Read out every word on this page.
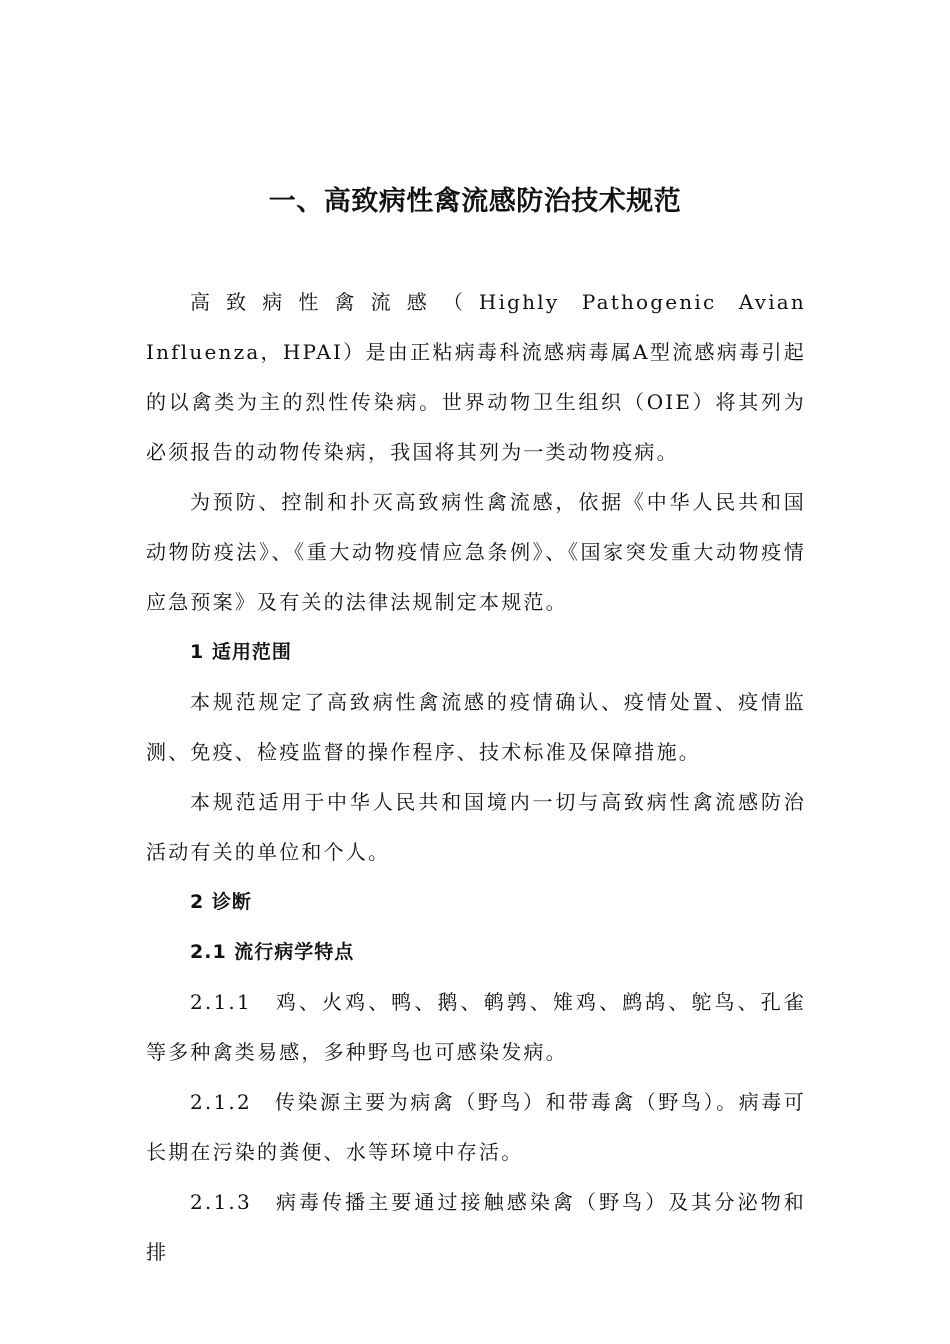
一、高致病性禽流感防治技术规范

高致病性禽流感（Highly Pathogenic Avian Influenza，HPAI）是由正粘病毒科流感病毒属A型流感病毒引起的以禽类为主的烈性传染病。世界动物卫生组织（OIE）将其列为必须报告的动物传染病，我国将其列为一类动物疫病。

为预防、控制和扑灭高致病性禽流感，依据《中华人民共和国动物防疫法》、《重大动物疫情应急条例》、《国家突发重大动物疫情应急预案》及有关的法律法规制定本规范。

1 适用范围

本规范规定了高致病性禽流感的疫情确认、疫情处置、疫情监测、免疫、检疫监督的操作程序、技术标准及保障措施。

本规范适用于中华人民共和国境内一切与高致病性禽流感防治活动有关的单位和个人。

2 诊断

2.1 流行病学特点

2.1.1　鸡、火鸡、鸭、鹅、鹌鹑、雉鸡、鹧鸪、鸵鸟、孔雀等多种禽类易感，多种野鸟也可感染发病。

2.1.2　传染源主要为病禽（野鸟）和带毒禽（野鸟）。病毒可长期在污染的粪便、水等环境中存活。

2.1.3　病毒传播主要通过接触感染禽（野鸟）及其分泌物和排
